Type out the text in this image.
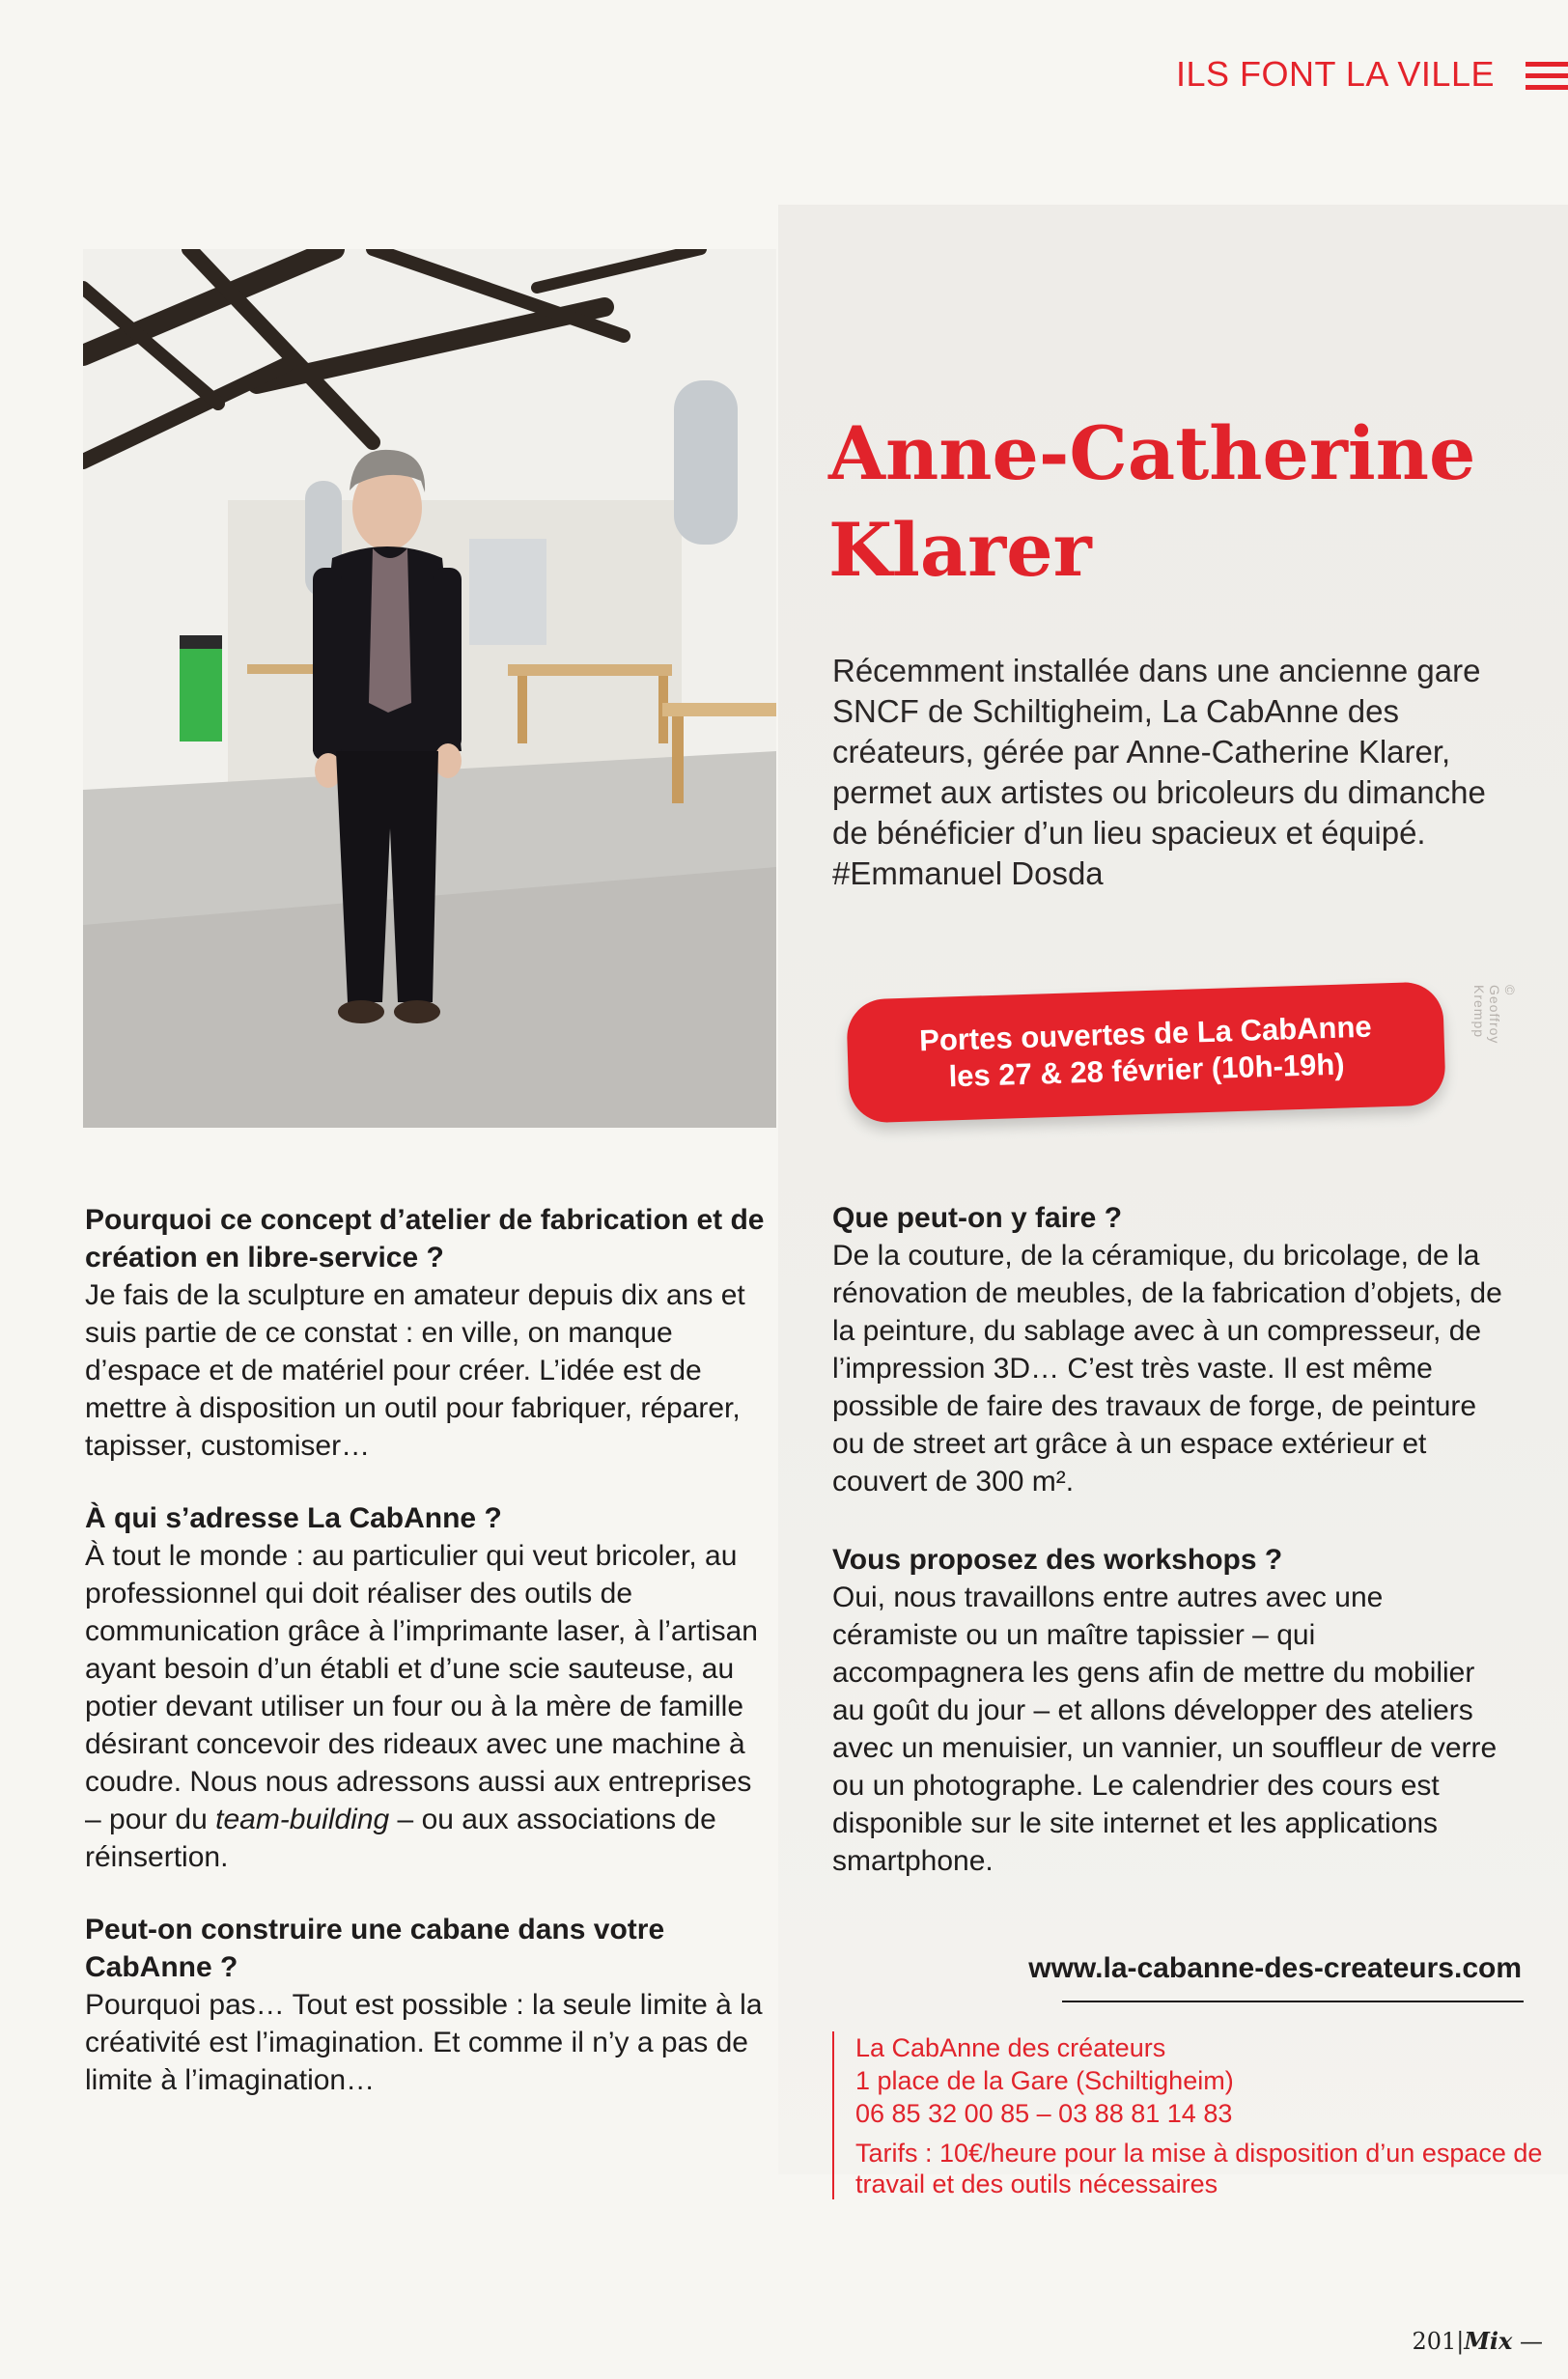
ILS FONT LA VILLE
Anne-Catherine
Klarer
Récemment installée dans une ancienne gare SNCF de Schiltigheim, La CabAnne des créateurs, gérée par Anne-Catherine Klarer, permet aux artistes ou bricoleurs du dimanche de bénéficier d’un lieu spacieux et équipé. #Emmanuel Dosda
Portes ouvertes de La CabAnne
les 27 & 28 février (10h-19h)
Pourquoi ce concept d’atelier de fabrication et de création en libre-service ?

Je fais de la sculpture en amateur depuis dix ans et suis partie de ce constat : en ville, on manque d’espace et de matériel pour créer. L’idée est de mettre à disposition un outil pour fabriquer, réparer, tapisser, customiser…

À qui s’adresse La CabAnne ?

À tout le monde : au particulier qui veut bricoler, au professionnel qui doit réaliser des outils de communication grâce à l’imprimante laser, à l’artisan ayant besoin d’un établi et d’une scie sauteuse, au potier devant utiliser un four ou à la mère de famille désirant concevoir des rideaux avec une machine à coudre. Nous nous adressons aussi aux entreprises – pour du team-building – ou aux associations de réinsertion.

Peut-on construire une cabane dans votre CabAnne ?

Pourquoi pas… Tout est possible : la seule limite à la créativité est l’imagination. Et comme il n’y a pas de limite à l’imagination…

Que peut-on y faire ?

De la couture, de la céramique, du bricolage, de la rénovation de meubles, de la fabrication d’objets, de la peinture, du sablage avec à un compresseur, de l’impression 3D… C’est très vaste. Il est même possible de faire des travaux de forge, de peinture ou de street art grâce à un espace extérieur et couvert de 300 m².

Vous proposez des workshops ?

Oui, nous travaillons entre autres avec une céramiste ou un maître tapissier – qui accompagnera les gens afin de mettre du mobilier au goût du jour – et allons développer des ateliers avec un menuisier, un vannier, un souffleur de verre ou un photographe. Le calendrier des cours est disponible sur le site internet et les applications smartphone.

www.la-cabanne-des-createurs.com

La CabAnne des créateurs

1 place de la Gare (Schiltigheim)

06 85 32 00 85 – 03 88 81 14 83

Tarifs : 10€/heure pour la mise à disposition d’un espace de travail et des outils nécessaires

© Geoffroy Krempp
201|Mix —
